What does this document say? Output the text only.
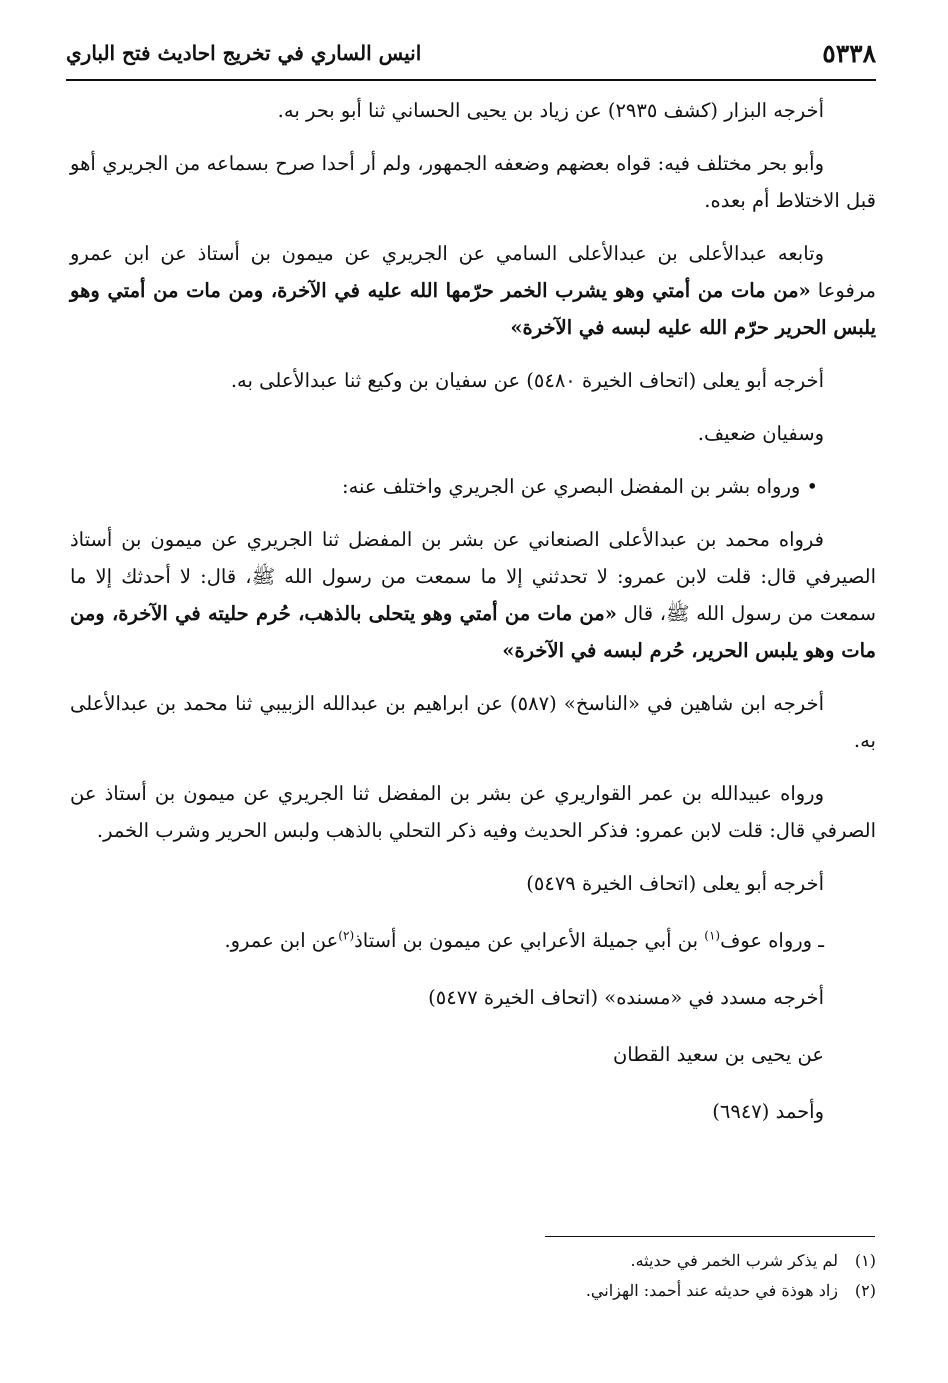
٥٣٣٨
انيس الساري في تخريج احاديث فتح الباري

أخرجه البزار (كشف ٢٩٣٥) عن زياد بن يحيى الحساني ثنا أبو بحر به.

وأبو بحر مختلف فيه: قواه بعضهم وضعفه الجمهور، ولم أر أحدا صرح بسماعه من الجريري أهو قبل الاختلاط أم بعده.

وتابعه عبدالأعلى بن عبدالأعلى السامي عن الجريري عن ميمون بن أستاذ عن ابن عمرو مرفوعا «من مات من أمتي وهو يشرب الخمر حرّمها الله عليه في الآخرة، ومن مات من أمتي وهو يلبس الحرير حرّم الله عليه لبسه في الآخرة»

أخرجه أبو يعلى (اتحاف الخيرة ٥٤٨٠) عن سفيان بن وكيع ثنا عبدالأعلى به.

وسفيان ضعيف.

• ورواه بشر بن المفضل البصري عن الجريري واختلف عنه:

فرواه محمد بن عبدالأعلى الصنعاني عن بشر بن المفضل ثنا الجريري عن ميمون بن أستاذ الصيرفي قال: قلت لابن عمرو: لا تحدثني إلا ما سمعت من رسول الله ﷺ، قال: لا أحدثك إلا ما سمعت من رسول الله ﷺ، قال «من مات من أمتي وهو يتحلى بالذهب، حُرم حليته في الآخرة، ومن مات وهو يلبس الحرير، حُرم لبسه في الآخرة»

أخرجه ابن شاهين في «الناسخ» (٥٨٧) عن ابراهيم بن عبدالله الزبيبي ثنا محمد بن عبدالأعلى به.

ورواه عبيدالله بن عمر القواريري عن بشر بن المفضل ثنا الجريري عن ميمون بن أستاذ عن الصرفي قال: قلت لابن عمرو: فذكر الحديث وفيه ذكر التحلي بالذهب ولبس الحرير وشرب الخمر.

أخرجه أبو يعلى (اتحاف الخيرة ٥٤٧٩)

ـ ورواه عوف$^{(١)}$ بن أبي جميلة الأعرابي عن ميمون بن أستاذ$^{(٢)}$عن ابن عمرو.

أخرجه مسدد في «مسنده» (اتحاف الخيرة ٥٤٧٧)

عن يحيى بن سعيد القطان

وأحمد (٦٩٤٧)

(١)
لم يذكر شرب الخمر في حديثه.
(٢)
زاد هوذة في حديثه عند أحمد: الهزاني.
